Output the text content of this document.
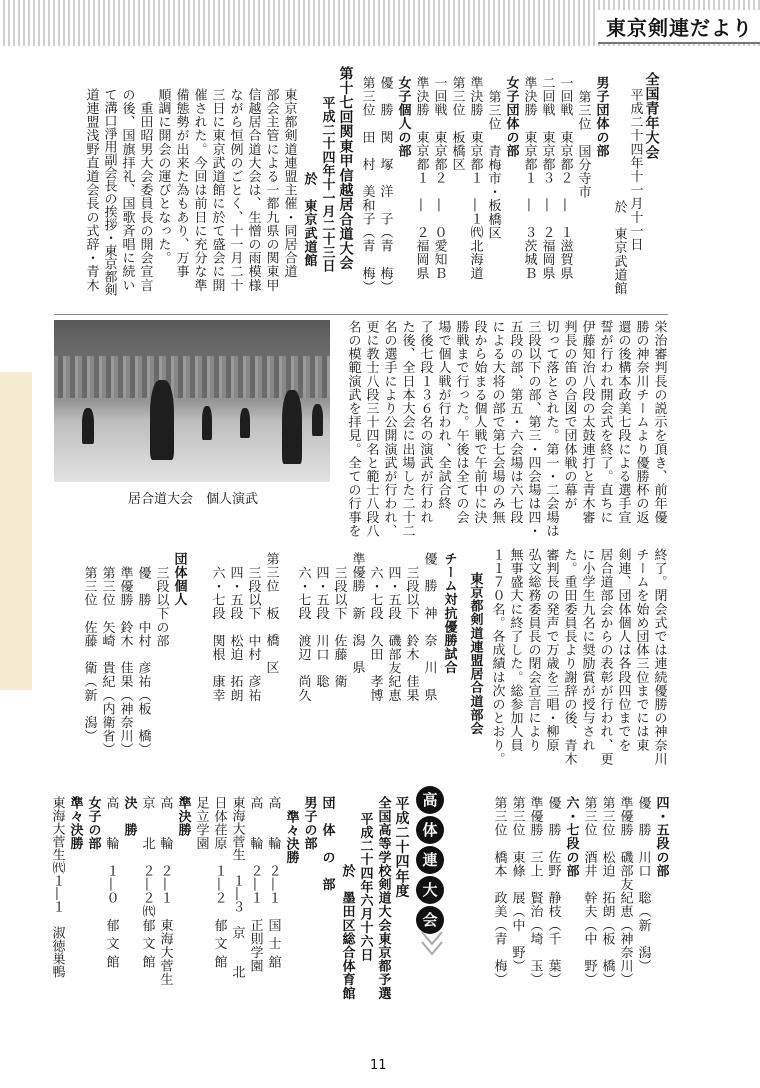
東京剣連だより
全国青年大会
平成二十四年十一月十一日
於　東京武道館
男子団体の部
第三位　国分寺市
一回戦　東京都２　―　１滋賀県
二回戦　東京都３　―　２福岡県
準決勝　東京都１　―　３茨城Ｂ
女子団体の部
第三位　青梅市・板橋区
準決勝　東京都１　―１㈹北海道
第三位　板橋区
一回戦　東京都２　―　０愛知Ｂ
準決勝　東京都１　―　２福岡県
女子個人の部
優　勝　関　塚　洋　子（青　梅）
第三位　田　村　美和子（青　梅）
第十七回関東甲信越居合道大会
平成二十四年十一月二十三日
於　東京武道館
東京都剣道連盟主催・同居合道
部会主管による一都九県の関東甲
信越居合道大会は、生憎の雨模様
ながら恒例のごとく、十一月二十
三日に東京武道館に於て盛会に開
催された。今回は前日に充分な準
備態勢が出来た為もあり、万事
順調に開会の運びとなった。
　重田昭男大会委員長の開会宣言
の後、国旗拝礼、国歌斉唱に続い
て溝口淨用副会長の挨拶・東京都剣
道連盟浅野直道会長の式辞・青木
居合道大会　個人演武	栄治審判長の説示を頂き、前年優
勝の神奈川チームより優勝杯の返
還の後構本政美七段による選手宣
誓が行われ開会式を終了。直ちに
伊藤知治八段の太鼓連打と青木審
判長の笛の合図で団体戦の幕が
切って落とされた。第一・二会場は
三段以下の部、第三・四会場は四・
五段の部、第五・六会場は六七段
による大将の部で第七会場のみ無
段から始まる個人戦で午前中に決
勝戦まで行った。午後は全ての会
場で個人戦が行われ、全試合終
了後七段１３６名の演武が行われ
た後、全日本大会に出場した二十二
名の選手により公開演武が行われ、
更に教士八段三十四名と範士八段八
名の模範演武を拝見。全ての行事を
終了。閉会式では連続優勝の神奈川
チームを始め団体三位までには東
剣連、団体個人は各段四位までを
居合道部会からの表彰が行われ、更
に小学生九名に奨励賞が授与され
た。重田委員長より謝辞の後、青木
審判長の発声で万歳を三唱・柳原
弘文総務委員長の閉会宣言により
無事盛大に終了した。総参加人員
１１７０名。各成績は次のとおり。
東京都剣道連盟居合道部会
チーム対抗優勝試合
優　勝　神　奈　川　県
三段以下　鈴木　佳果
四・五段　磯部友紀恵
六・七段　久田　孝博
準優勝　新　潟　県
三段以下　佐藤　衛
四・五段　川口　聡
六・七段　渡辺　尚久
第三位　板　橋　区
三段以下　中村　彦祐
四・五段　松迫　拓朗
六・七段　関根　康幸
団体個人
三段以下の部
優　勝　中村　彦祐（板　橋）
準優勝　鈴木　佳果（神奈川）
第三位　矢崎　貴紀（内衛省）
第三位　佐藤　衛（新　潟）
四・五段の部
優　勝　川口　聡（新　潟）
準優勝　磯部友紀恵（神奈川）
第三位　松迫　拓朗（板　橋）
第三位　酒井　幹夫（中　野）
六・七段の部
優　勝　佐野　静枝（千　葉）
準優勝　三上　賢治（埼　玉）
第三位　東條　展（中　野）
第三位　橋本　政美（青　梅）
高
体
連
大
会
平成二十四年度
全国高等学校剣道大会東京都予選
平成二十四年六月十六日
於　墨田区総合体育館
団　体　の　部
男子の部
準々決勝
高　　輪　２―１　国 士 舘
高　　輪　２―１　正則学園
東海大菅生　１―３　京　　北
日体荏原　１―２　郁 文 館
足立学園
準決勝
高　　輪　２―１　東海大菅生
京　　北　２―２㈹郁 文 館
決　勝
高　　輪　１―０　郁 文 館
女子の部
準々決勝
東海大菅生㈹１―１　淑徳巣鴨
11
